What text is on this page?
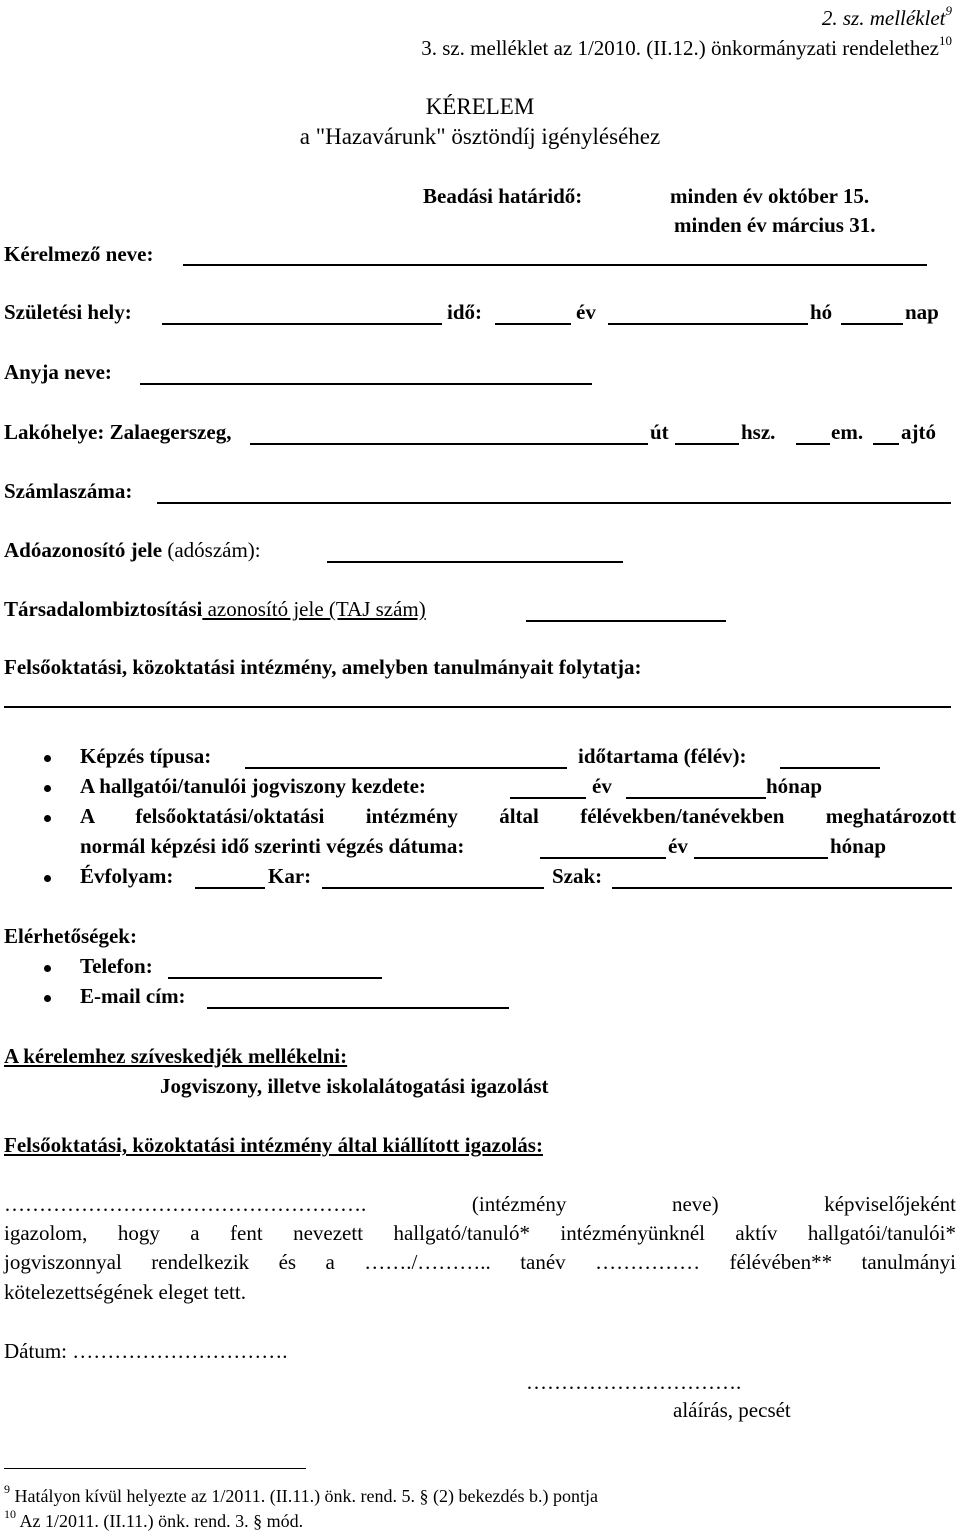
2. sz. melléklet$^9$
3. sz. melléklet az 1/2010. (II.12.) önkormányzati rendelethez$^{10}$
KÉRELEM
a "Hazavárunk" ösztöndíj igényléséhez
Beadási határidő:	minden év október 15.
minden év március 31.
Kérelmező neve:
Születési hely:	idő:	év	hó	nap
Anyja neve:
Lakóhelye: Zalaegerszeg,	út	hsz.	em. ajtó
Számlaszáma:
Adóazonosító jele (adószám):
Társadalombiztosítási azonosító jele (TAJ szám)
Felsőoktatási, közoktatási intézmény, amelyben tanulmányait folytatja:
Képzés típusa:	időtartama (félév):
A hallgatói/tanulói jogviszony kezdete:	év	hónap
A felsőoktatási/oktatási intézmény által félévekben/tanévekben meghatározott
normál képzési idő szerinti végzés dátuma:	év	hónap
Évfolyam:	Kar:	Szak:
Elérhetőségek:
Telefon:
E-mail cím:
A kérelemhez szíveskedjék mellékelni:
Jogviszony, illetve iskolalátogatási igazolást
Felsőoktatási, közoktatási intézmény által kiállított igazolás:
…………………………………………….	(intézmény neve) képviselőjeként
igazolom, hogy a fent nevezett hallgató/tanuló* intézményünknél aktív hallgatói/tanulói*
jogviszonnyal rendelkezik és a ……./……….. tanév …………… félévében** tanulmányi
kötelezettségének eleget tett.
Dátum: ………………………….
………………………….
aláírás, pecsét
$^9$ Hatályon kívül helyezte az 1/2011. (II.11.) önk. rend. 5. § (2) bekezdés b.) pontja
$^{10}$ Az 1/2011. (II.11.) önk. rend. 3. § mód.
